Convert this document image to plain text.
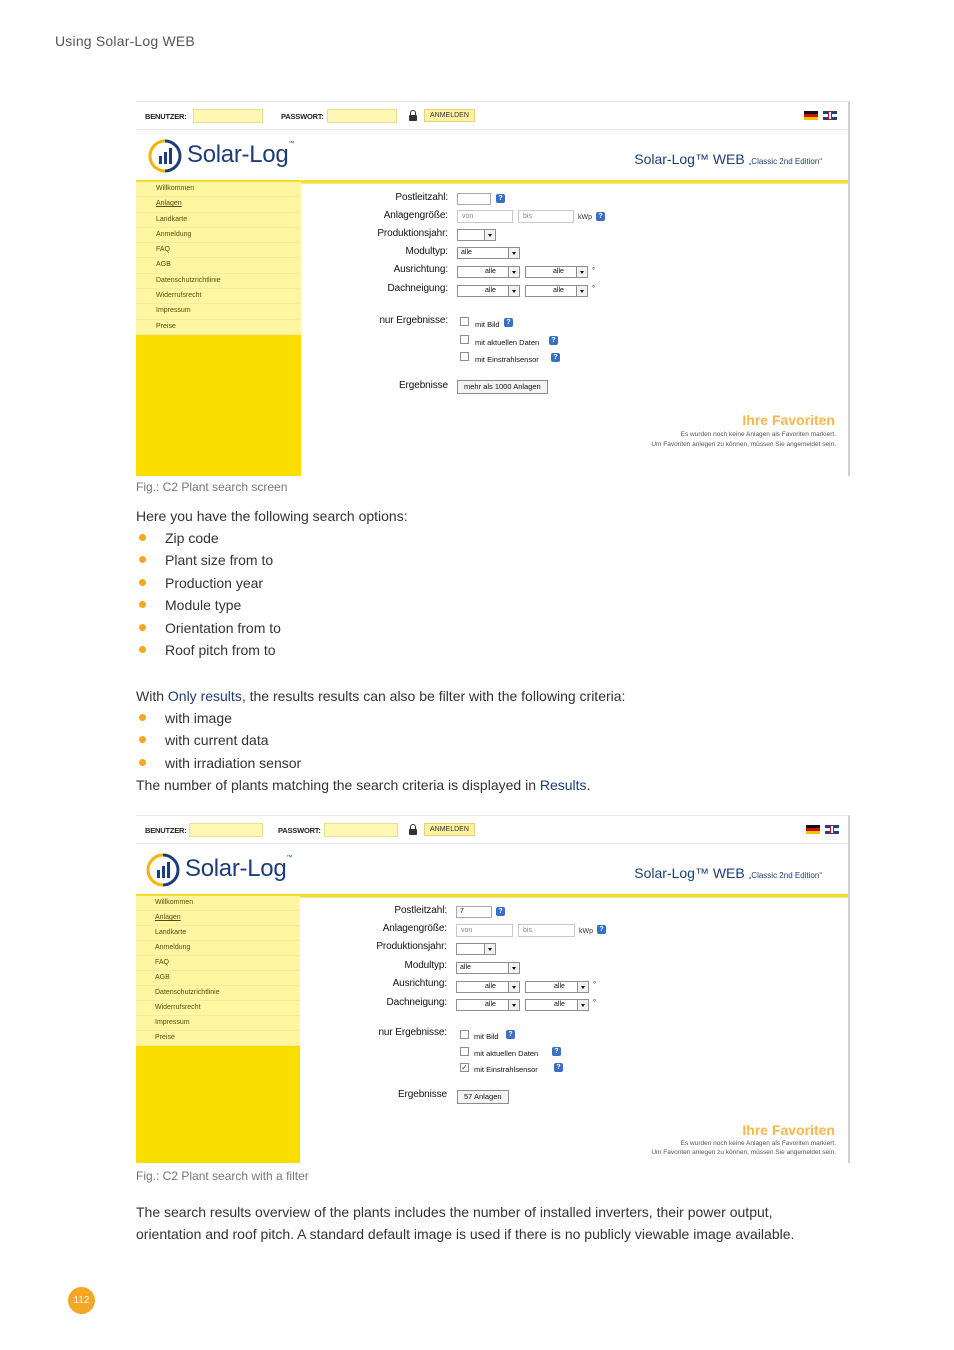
Using Solar-Log WEB
BENUTZER:	PASSWORT:	ANMELDEN
Solar-Log™
Solar-Log™ WEB „Classic 2nd Edition“
Willkommen
Anlagen
Landkarte
Anmeldung
FAQ
AGB
Datenschutzrichtlinie
Widerrufsrecht
Impressum
Preise
Postleitzahl:	?
Anlagengröße:	von	bis	kWp ?
Produktionsjahr:
Modultyp:	alle
Ausrichtung:	alle	alle	°
Dachneigung:	alle	alle	°
nur Ergebnisse:	mit Bild ?
mit aktuellen Daten	?
mit Einstrahlsensor	?
Ergebnisse	mehr als 1000 Anlagen
Ihre Favoriten
Es wurden noch keine Anlagen als Favoriten markiert.
Um Favoriten anlegen zu können, müssen Sie angemeldet sein.
Fig.: C2 Plant search screen
Here you have the following search options:
Zip code
Plant size from to
Production year
Module type
Orientation from to
Roof pitch from to
With Only results, the results results can also be filter with the following criteria:
with image
with current data
with irradiation sensor
The number of plants matching the search criteria is displayed in Results.
BENUTZER:	PASSWORT:	ANMELDEN
Solar-Log™
Solar-Log™ WEB „Classic 2nd Edition“
Willkommen
Anlagen
Landkarte
Anmeldung
FAQ
AGB
Datenschutzrichtlinie
Widerrufsrecht
Impressum
Preise
Postleitzahl:	7	?
Anlagengröße:	von	bis	kWp ?
Produktionsjahr:
Modultyp:	alle
Ausrichtung:	alle	alle	°
Dachneigung:	alle	alle	°
nur Ergebnisse:	mit Bild	?
mit aktuellen Daten	?
✓ mit Einstrahlsensor	?
Ergebnisse	57 Anlagen
Ihre Favoriten
Es wurden noch keine Anlagen als Favoriten markiert.
Um Favoriten anlegen zu können, müssen Sie angemeldet sein.
Fig.: C2 Plant search with a filter
The search results overview of the plants includes the number of installed inverters, their power output,
orientation and roof pitch. A standard default image is used if there is no publicly viewable image available.
112
